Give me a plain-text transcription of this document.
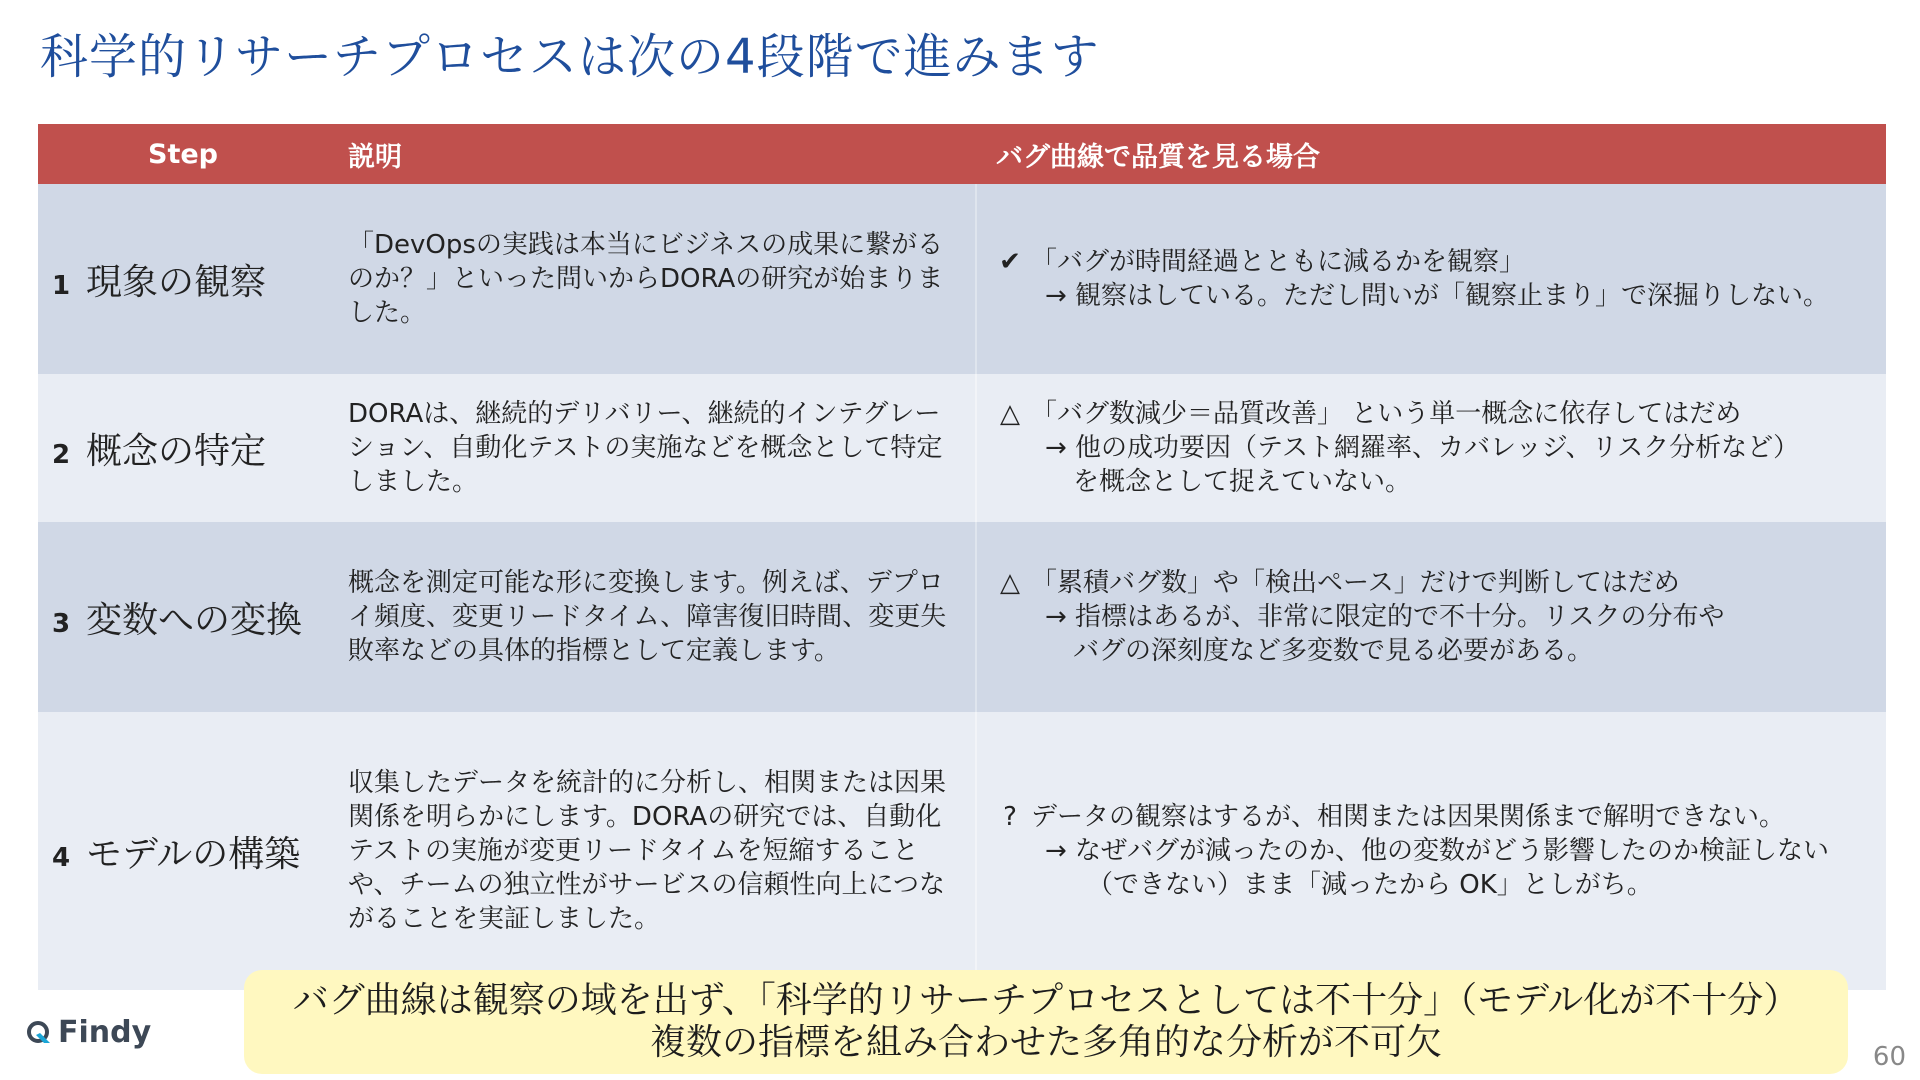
科学的リサーチプロセスは次の4段階で進みます
Step	説明	バグ曲線で品質を見る場合
1 現象の観察	「DevOpsの実践は本当にビジネスの成果に繋がるのか？」といった問いからDORAの研究が始まりました。	✔ 「バグが時間経過とともに減るかを観察」
→ 観察はしている。ただし問いが「観察止まり」で深掘りしない。

2 概念の特定	DORAは、継続的デリバリー、継続的インテグレーション、自動化テストの実施などを概念として特定しました。	△ 「バグ数減少＝品質改善」 という単一概念に依存してはだめ
→ 他の成功要因（テスト網羅率、カバレッジ、リスク分析など）
を概念として捉えていない。

3 変数への変換	概念を測定可能な形に変換します。例えば、デプロイ頻度、変更リードタイム、障害復旧時間、変更失敗率などの具体的指標として定義します。	△ 「累積バグ数」や「検出ペース」だけで判断してはだめ
→ 指標はあるが、非常に限定的で不十分。リスクの分布や
バグの深刻度など多変数で見る必要がある。

4 モデルの構築	収集したデータを統計的に分析し、相関または因果関係を明らかにします。DORAの研究では、自動化テストの実施が変更リードタイムを短縮することや、チームの独立性がサービスの信頼性向上につながることを実証しました。	? データの観察はするが、相関または因果関係まで解明できない。
→ なぜバグが減ったのか、他の変数がどう影響したのか検証しない
（できない）まま「減ったから OK」としがち。
バグ曲線は観察の域を出ず、「科学的リサーチプロセスとしては不十分」（モデル化が不十分）
複数の指標を組み合わせた多角的な分析が不可欠
Findy
60
